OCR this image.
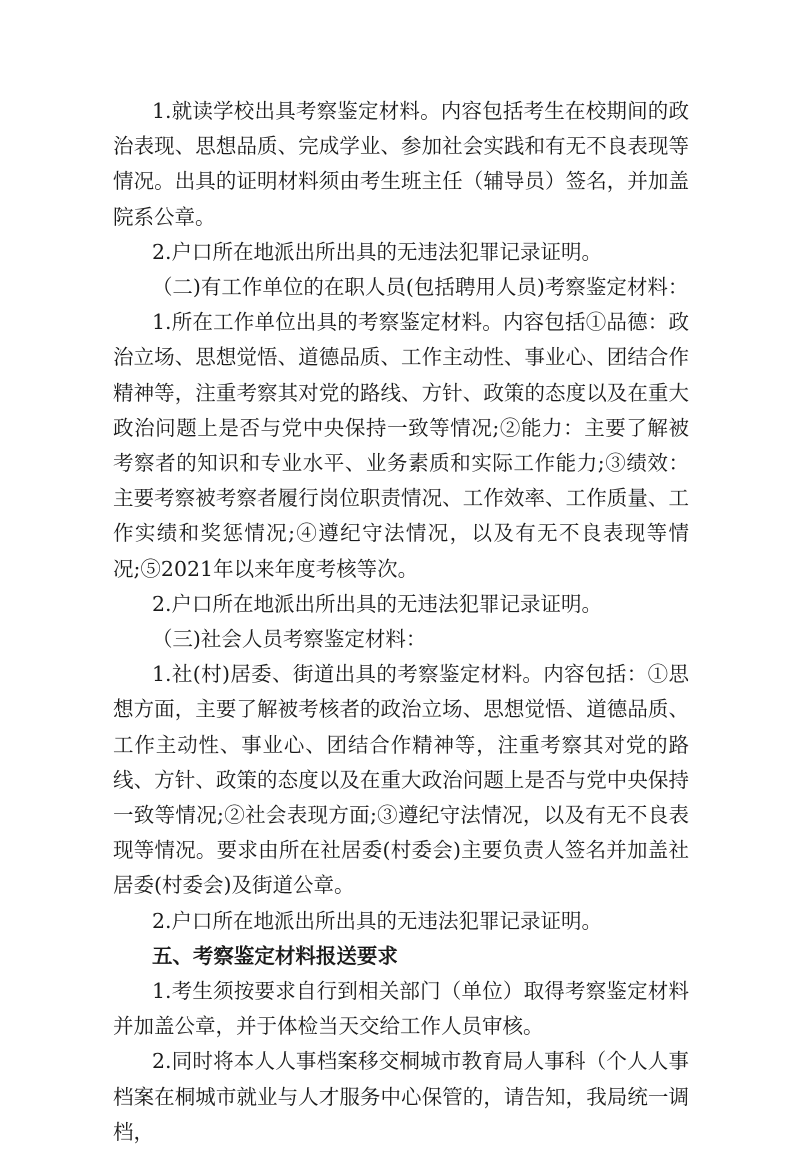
1.就读学校出具考察鉴定材料。内容包括考生在校期间的政治表现、思想品质、完成学业、参加社会实践和有无不良表现等情况。出具的证明材料须由考生班主任（辅导员）签名，并加盖院系公章。

2.户口所在地派出所出具的无违法犯罪记录证明。

（二)有工作单位的在职人员(包括聘用人员)考察鉴定材料：

1.所在工作单位出具的考察鉴定材料。内容包括①品德：政治立场、思想觉悟、道德品质、工作主动性、事业心、团结合作精神等，注重考察其对党的路线、方针、政策的态度以及在重大政治问题上是否与党中央保持一致等情况;②能力：主要了解被考察者的知识和专业水平、业务素质和实际工作能力;③绩效：主要考察被考察者履行岗位职责情况、工作效率、工作质量、工作实绩和奖惩情况;④遵纪守法情况，以及有无不良表现等情况;⑤2021年以来年度考核等次。

2.户口所在地派出所出具的无违法犯罪记录证明。

（三)社会人员考察鉴定材料：

1.社(村)居委、街道出具的考察鉴定材料。内容包括：①思想方面，主要了解被考核者的政治立场、思想觉悟、道德品质、工作主动性、事业心、团结合作精神等，注重考察其对党的路线、方针、政策的态度以及在重大政治问题上是否与党中央保持一致等情况;②社会表现方面;③遵纪守法情况，以及有无不良表现等情况。要求由所在社居委(村委会)主要负责人签名并加盖社居委(村委会)及街道公章。

2.户口所在地派出所出具的无违法犯罪记录证明。

五、考察鉴定材料报送要求

1.考生须按要求自行到相关部门（单位）取得考察鉴定材料并加盖公章，并于体检当天交给工作人员审核。

2.同时将本人人事档案移交桐城市教育局人事科（个人人事档案在桐城市就业与人才服务中心保管的，请告知，我局统一调档，
